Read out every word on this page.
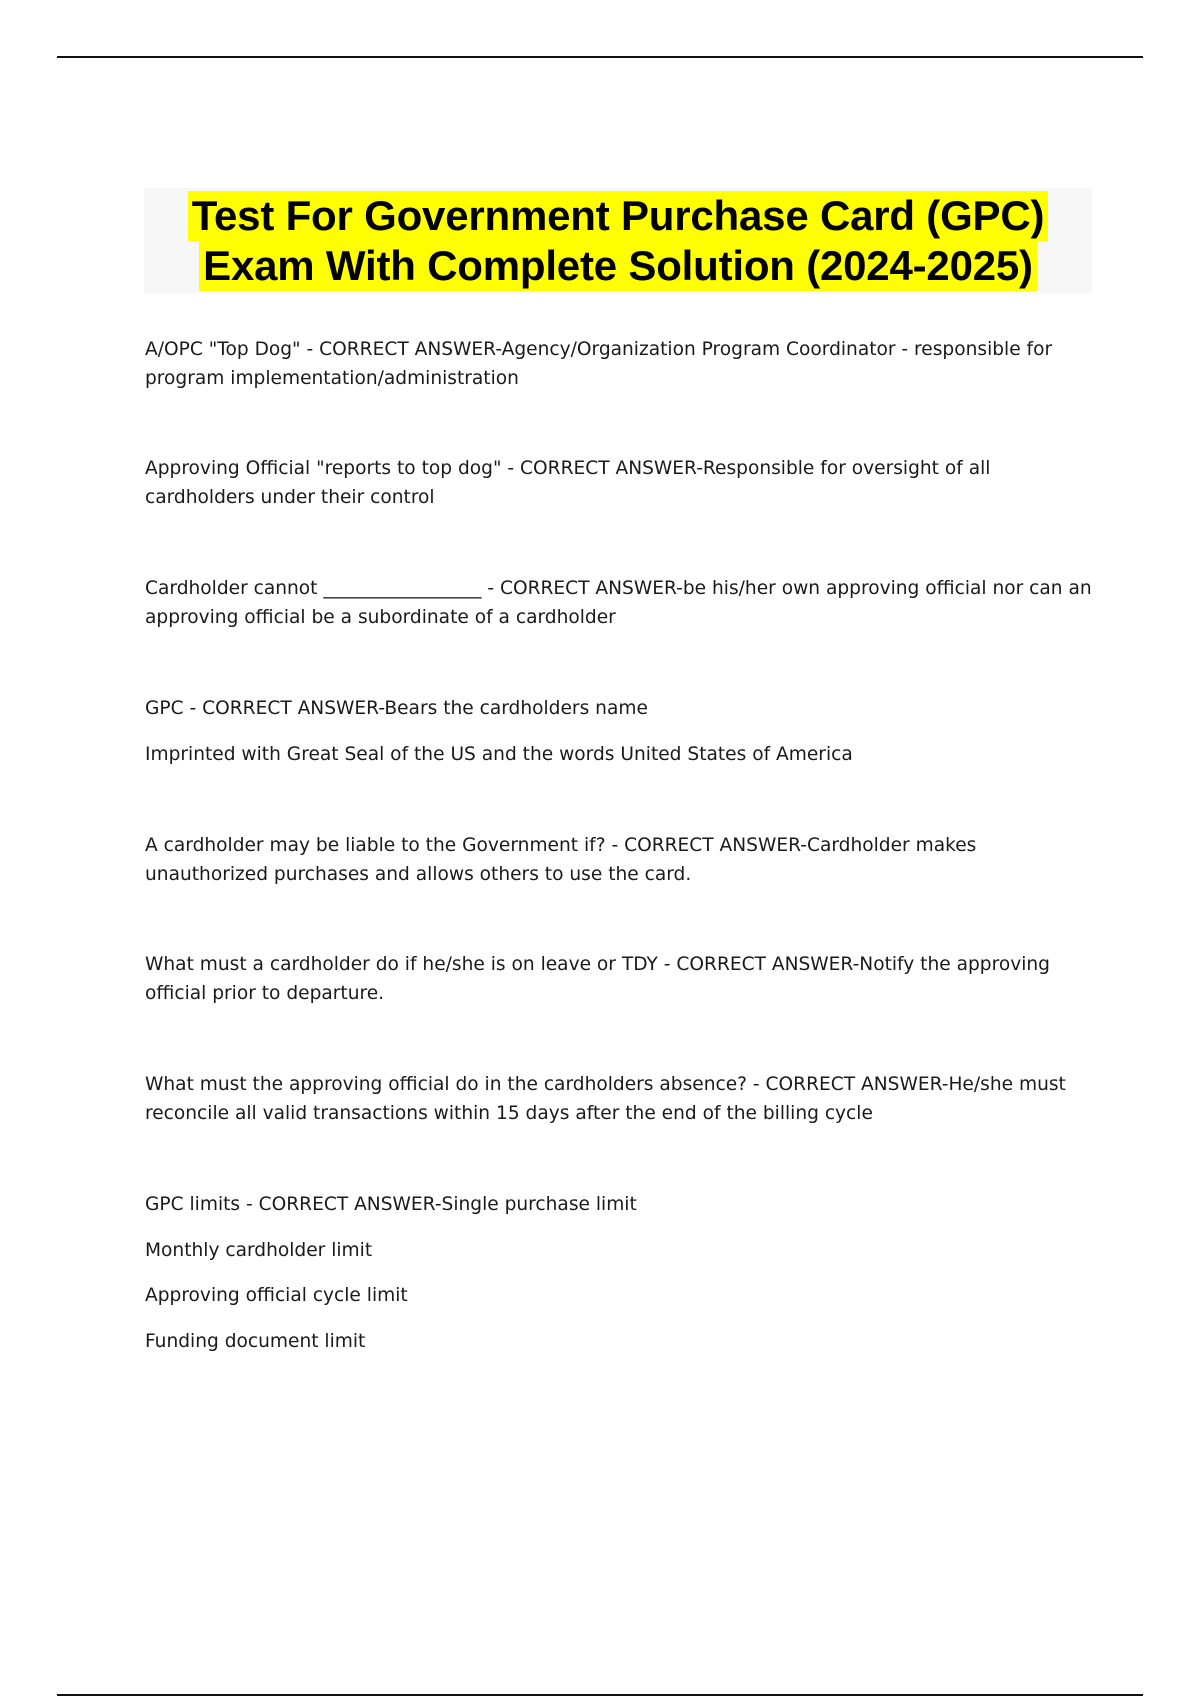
Test For Government Purchase Card (GPC)
Exam With Complete Solution (2024-2025)

A/OPC "Top Dog" - CORRECT ANSWER-Agency/Organization Program Coordinator - responsible for program implementation/administration

Approving Official "reports to top dog" - CORRECT ANSWER-Responsible for oversight of all cardholders under their control

Cardholder cannot _________________ - CORRECT ANSWER-be his/her own approving official nor can an approving official be a subordinate of a cardholder

GPC - CORRECT ANSWER-Bears the cardholders name

Imprinted with Great Seal of the US and the words United States of America

A cardholder may be liable to the Government if? - CORRECT ANSWER-Cardholder makes unauthorized purchases and allows others to use the card.

What must a cardholder do if he/she is on leave or TDY - CORRECT ANSWER-Notify the approving official prior to departure.

What must the approving official do in the cardholders absence? - CORRECT ANSWER-He/she must reconcile all valid transactions within 15 days after the end of the billing cycle

GPC limits - CORRECT ANSWER-Single purchase limit

Monthly cardholder limit

Approving official cycle limit

Funding document limit
